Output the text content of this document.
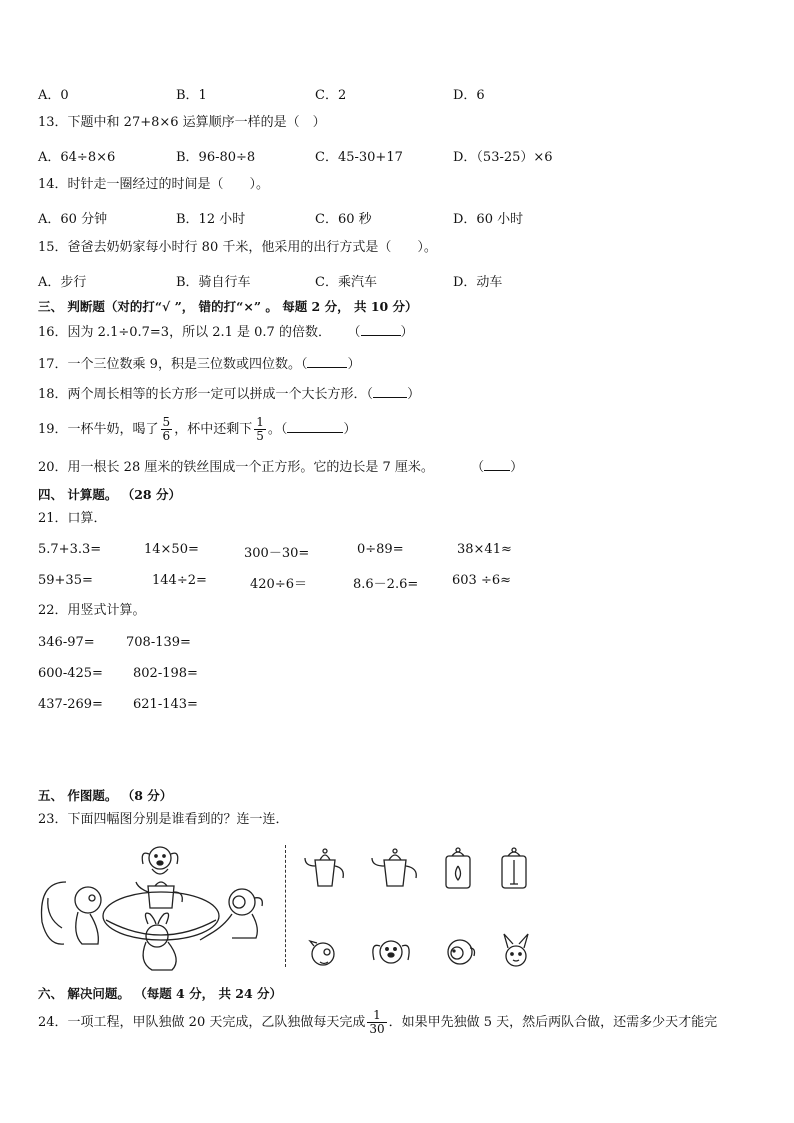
A．0	B．1	C．2	D．6
13．下题中和 27+8×6 运算顺序一样的是（　）
A．64÷8×6	B．96-80÷8	C．45-30+17	D．（53-25）×6
14．时针走一圈经过的时间是（　　）。
A．60 分钟	B．12 小时	C．60 秒	D．60 小时
15．爸爸去奶奶家每小时行 80 千米，他采用的出行方式是（　　）。
A．步行	B．骑自行车	C．乘汽车	D．动车
三、 判断题（对的打“√ ”， 错的打“×” 。 每题 2 分， 共 10 分）
16．因为 2.1÷0.7=3，所以 2.1 是 0.7 的倍数． （	）
17．一个三位数乘 9，积是三位数或四位数。（	）
18．两个周长相等的长方形一定可以拼成一个大长方形．（	）
19．一杯牛奶，喝了 $\frac{5}{6}$ ，杯中还剩下 $\frac{1}{5}$ 。（	）
20．用一根长 28 厘米的铁丝围成一个正方形。它的边长是 7 厘米。	（ ）
四、 计算题。 （28 分）
21．口算．
5.7+3.3=	14×50=	300－30=	0÷89=	38×41≈
59+35=	144÷2=	420÷6＝	8.6－2.6=	603 ÷6≈
22．用竖式计算。
346-97= 708-139=
600-425= 802-198=
437-269= 621-143=
五、 作图题。 （8 分）
23．下面四幅图分别是谁看到的？连一连．
六、 解决问题。 （每题 4 分， 共 24 分）
24．一项工程，甲队独做 20 天完成，乙队独做每天完成 $\frac{1}{30}$ ．如果甲先独做 5 天，然后两队合做，还需多少天才能完
